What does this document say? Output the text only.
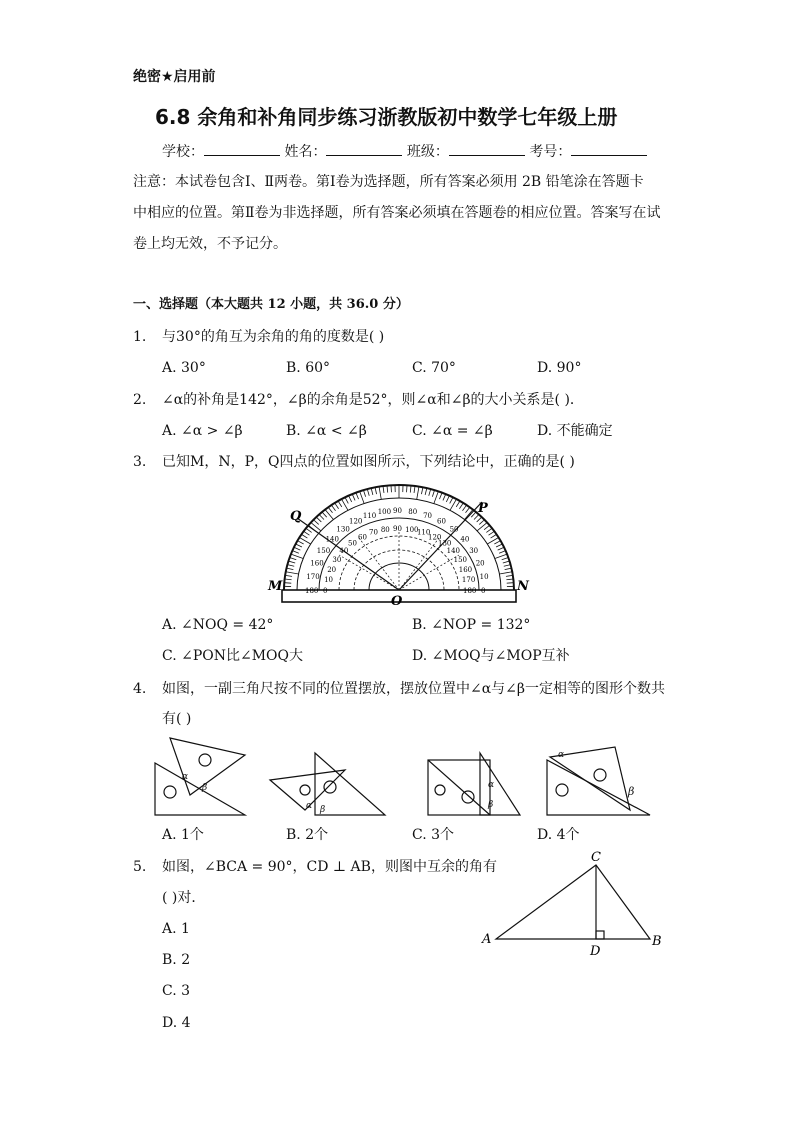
绝密★启用前
6.8 余角和补角同步练习浙教版初中数学七年级上册
学校：	姓名：	班级：	考号：
注意：本试卷包含Ⅰ、Ⅱ两卷。第Ⅰ卷为选择题，所有答案必须用 2B 铅笔涂在答题卡
中相应的位置。第Ⅱ卷为非选择题，所有答案必须填在答题卷的相应位置。答案写在试
卷上均无效，不予记分。
一、选择题（本大题共 12 小题，共 36.0 分）
1. 与30°的角互为余角的角的度数是( )
A. 30°	B. 60°	C. 70°	D. 90°
2. ∠α的补角是142°，∠β的余角是52°，则∠α和∠β的大小关系是( )．
A. ∠α > ∠β	B. ∠α < ∠β	C. ∠α = ∠β	D. 不能确定
3. 已知M，N，P，Q四点的位置如图所示，下列结论中，正确的是( )
M	N
Q
P
O
0
0
10
10
20
20
30
30
40
40
50
50
60
60
70
70
80
80
90
90
100
100
110
110
120
120
130
130
140
140
150
150
160
160
170	170
180	180
A. ∠NOQ = 42°	B. ∠NOP = 132°
C. ∠PON比∠MOQ大	D. ∠MOQ与∠MOP互补
4. 如图，一副三角尺按不同的位置摆放，摆放位置中∠α与∠β一定相等的图形个数共
有( )
α
β
α β
α
β
α
β
A. 1个	B. 2个	C. 3个	D. 4个
5. 如图，∠BCA = 90°，CD ⊥ AB，则图中互余的角有
( )对．
A. 1
B. 2
C. 3
D. 4
A	B
C
D
